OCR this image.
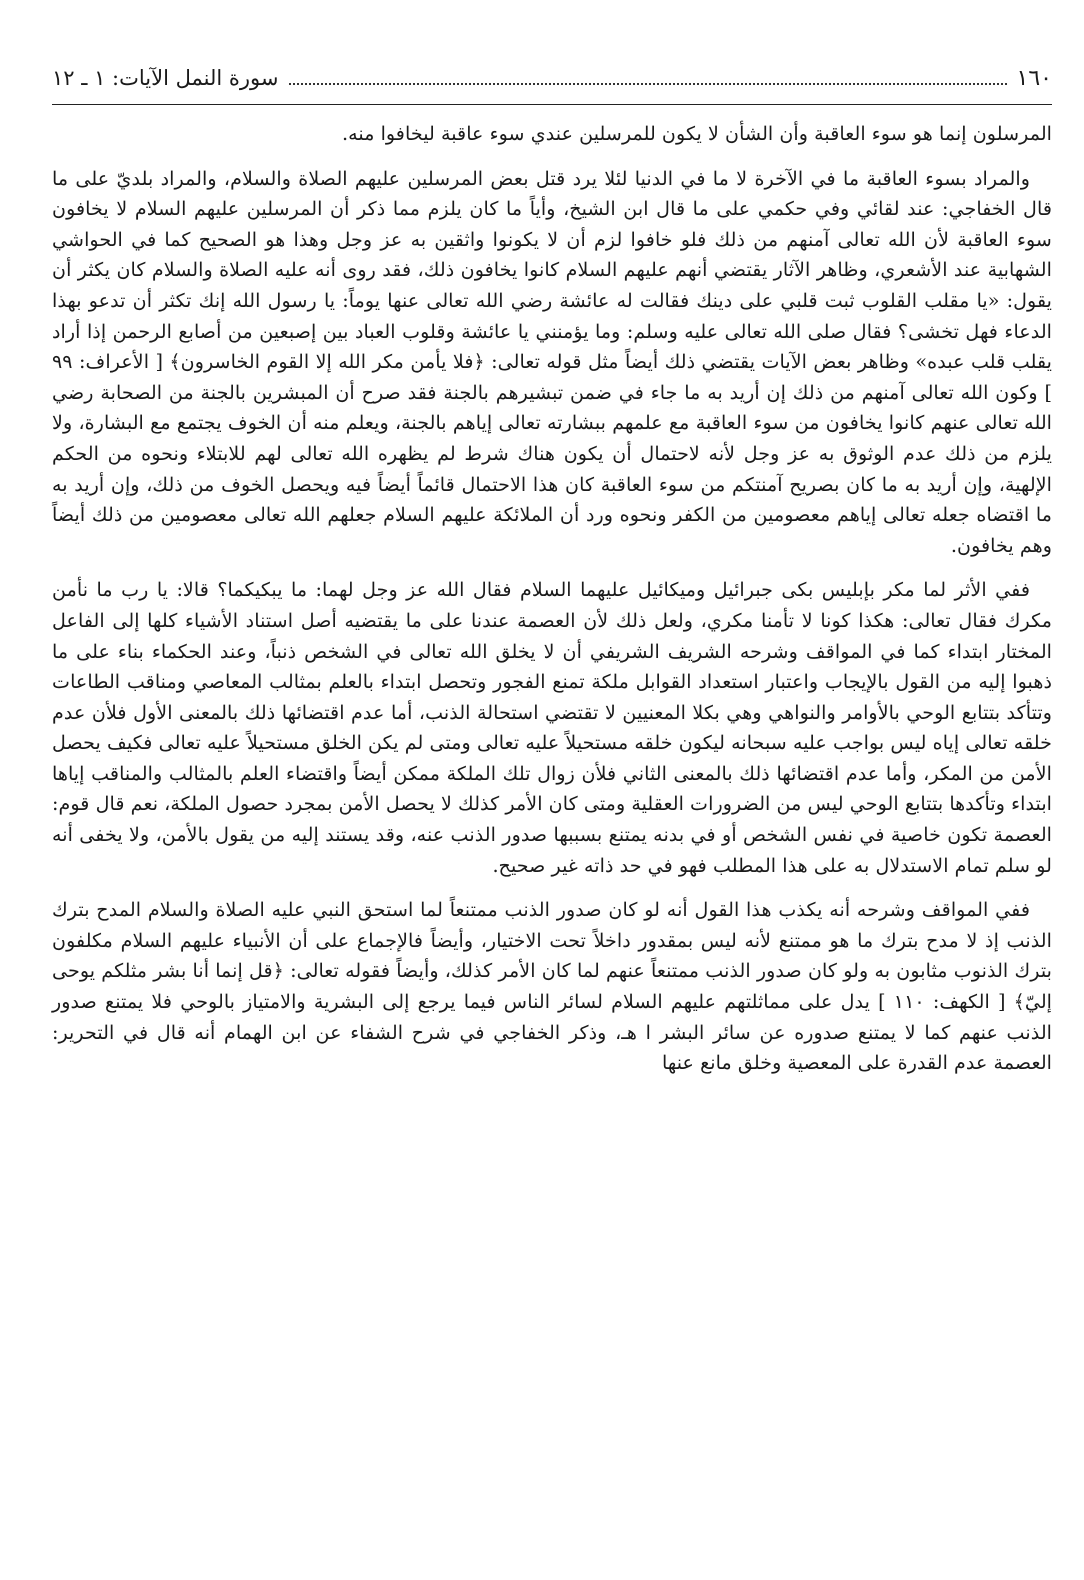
١٦٠
سورة النمل الآيات: ١ ـ ١٢

المرسلون إنما هو سوء العاقبة وأن الشأن لا يكون للمرسلين عندي سوء عاقبة ليخافوا منه.

والمراد بسوء العاقبة ما في الآخرة لا ما في الدنيا لئلا يرد قتل بعض المرسلين عليهم الصلاة والسلام، والمراد بلديّ على ما قال الخفاجي: عند لقائي وفي حكمي على ما قال ابن الشيخ، وأياً ما كان يلزم مما ذكر أن المرسلين عليهم السلام لا يخافون سوء العاقبة لأن الله تعالى آمنهم من ذلك فلو خافوا لزم أن لا يكونوا واثقين به عز وجل وهذا هو الصحيح كما في الحواشي الشهابية عند الأشعري، وظاهر الآثار يقتضي أنهم عليهم السلام كانوا يخافون ذلك، فقد روى أنه عليه الصلاة والسلام كان يكثر أن يقول: «يا مقلب القلوب ثبت قلبي على دينك فقالت له عائشة رضي الله تعالى عنها يوماً: يا رسول الله إنك تكثر أن تدعو بهذا الدعاء فهل تخشى؟ فقال صلى الله تعالى عليه وسلم: وما يؤمنني يا عائشة وقلوب العباد بين إصبعين من أصابع الرحمن إذا أراد يقلب قلب عبده» وظاهر بعض الآيات يقتضي ذلك أيضاً مثل قوله تعالى: ﴿فلا يأمن مكر الله إلا القوم الخاسرون﴾ [ الأعراف: ٩٩ ] وكون الله تعالى آمنهم من ذلك إن أريد به ما جاء في ضمن تبشيرهم بالجنة فقد صرح أن المبشرين بالجنة من الصحابة رضي الله تعالى عنهم كانوا يخافون من سوء العاقبة مع علمهم ببشارته تعالى إياهم بالجنة، ويعلم منه أن الخوف يجتمع مع البشارة، ولا يلزم من ذلك عدم الوثوق به عز وجل لأنه لاحتمال أن يكون هناك شرط لم يظهره الله تعالى لهم للابتلاء ونحوه من الحكم الإلهية، وإن أريد به ما كان بصريح آمنتكم من سوء العاقبة كان هذا الاحتمال قائماً أيضاً فيه ويحصل الخوف من ذلك، وإن أريد به ما اقتضاه جعله تعالى إياهم معصومين من الكفر ونحوه ورد أن الملائكة عليهم السلام جعلهم الله تعالى معصومين من ذلك أيضاً وهم يخافون.

ففي الأثر لما مكر بإبليس بكى جبرائيل وميكائيل عليهما السلام فقال الله عز وجل لهما: ما يبكيكما؟ قالا: يا رب ما نأمن مكرك فقال تعالى: هكذا كونا لا تأمنا مكري، ولعل ذلك لأن العصمة عندنا على ما يقتضيه أصل استناد الأشياء كلها إلى الفاعل المختار ابتداء كما في المواقف وشرحه الشريف الشريفي أن لا يخلق الله تعالى في الشخص ذنباً، وعند الحكماء بناء على ما ذهبوا إليه من القول بالإيجاب واعتبار استعداد القوابل ملكة تمنع الفجور وتحصل ابتداء بالعلم بمثالب المعاصي ومناقب الطاعات وتتأكد بتتابع الوحي بالأوامر والنواهي وهي بكلا المعنيين لا تقتضي استحالة الذنب، أما عدم اقتضائها ذلك بالمعنى الأول فلأن عدم خلقه تعالى إياه ليس بواجب عليه سبحانه ليكون خلقه مستحيلاً عليه تعالى ومتى لم يكن الخلق مستحيلاً عليه تعالى فكيف يحصل الأمن من المكر، وأما عدم اقتضائها ذلك بالمعنى الثاني فلأن زوال تلك الملكة ممكن أيضاً واقتضاء العلم بالمثالب والمناقب إياها ابتداء وتأكدها بتتابع الوحي ليس من الضرورات العقلية ومتى كان الأمر كذلك لا يحصل الأمن بمجرد حصول الملكة، نعم قال قوم: العصمة تكون خاصية في نفس الشخص أو في بدنه يمتنع بسببها صدور الذنب عنه، وقد يستند إليه من يقول بالأمن، ولا يخفى أنه لو سلم تمام الاستدلال به على هذا المطلب فهو في حد ذاته غير صحيح.

ففي المواقف وشرحه أنه يكذب هذا القول أنه لو كان صدور الذنب ممتنعاً لما استحق النبي عليه الصلاة والسلام المدح بترك الذنب إذ لا مدح بترك ما هو ممتنع لأنه ليس بمقدور داخلاً تحت الاختيار، وأيضاً فالإجماع على أن الأنبياء عليهم السلام مكلفون بترك الذنوب مثابون به ولو كان صدور الذنب ممتنعاً عنهم لما كان الأمر كذلك، وأيضاً فقوله تعالى: ﴿قل إنما أنا بشر مثلكم يوحى إليّ﴾ [ الكهف: ١١٠ ] يدل على مماثلتهم عليهم السلام لسائر الناس فيما يرجع إلى البشرية والامتياز بالوحي فلا يمتنع صدور الذنب عنهم كما لا يمتنع صدوره عن سائر البشر ا هـ، وذكر الخفاجي في شرح الشفاء عن ابن الهمام أنه قال في التحرير: العصمة عدم القدرة على المعصية وخلق مانع عنها
